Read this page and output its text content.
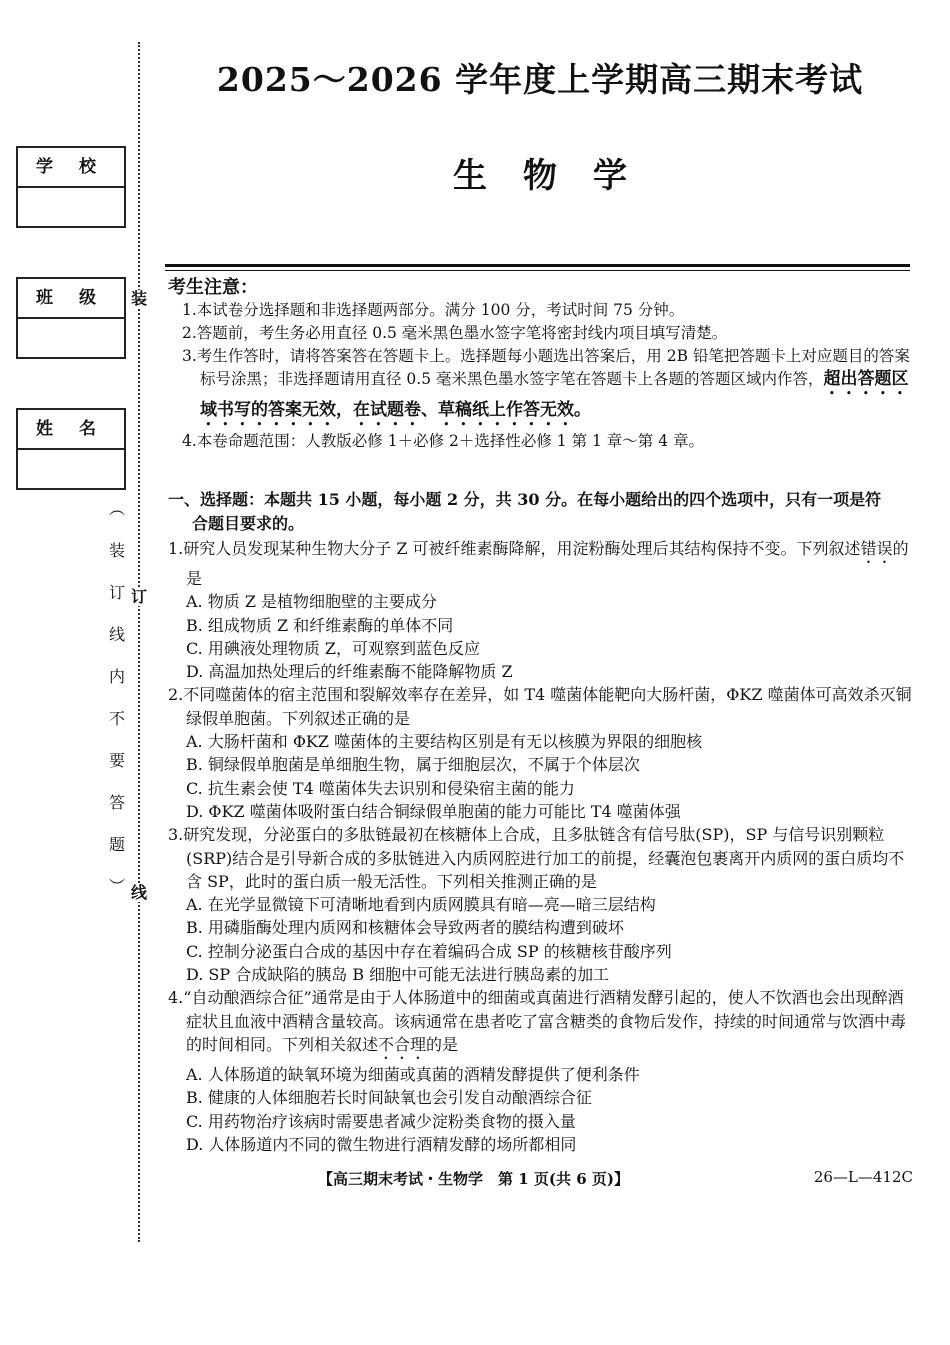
装
订
线
学 校
班 级
姓 名
︵
装
订
线
内
不
要
答
题
︶
2025～2026 学年度上学期高三期末考试
生物学
考生注意：
1.本试卷分选择题和非选择题两部分。满分 100 分，考试时间 75 分钟。
2.答题前，考生务必用直径 0.5 毫米黑色墨水签字笔将密封线内项目填写清楚。
3.考生作答时，请将答案答在答题卡上。选择题每小题选出答案后，用 2B 铅笔把答题卡上对应题目的答案标号涂黑；非选择题请用直径 0.5 毫米黑色墨水签字笔在答题卡上各题的答题区域内作答，超出答题区域书写的答案无效，在试题卷、草稿纸上作答无效。
4.本卷命题范围：人教版必修 1＋必修 2＋选择性必修 1 第 1 章～第 4 章。
一、选择题：本题共 15 小题，每小题 2 分，共 30 分。在每小题给出的四个选项中，只有一项是符
合题目要求的。
1.研究人员发现某种生物大分子 Z 可被纤维素酶降解，用淀粉酶处理后其结构保持不变。下列叙述错误的是
A. 物质 Z 是植物细胞壁的主要成分
B. 组成物质 Z 和纤维素酶的单体不同
C. 用碘液处理物质 Z，可观察到蓝色反应
D. 高温加热处理后的纤维素酶不能降解物质 Z
2.不同噬菌体的宿主范围和裂解效率存在差异，如 T4 噬菌体能靶向大肠杆菌，ΦKZ 噬菌体可高效杀灭铜绿假单胞菌。下列叙述正确的是
A. 大肠杆菌和 ΦKZ 噬菌体的主要结构区别是有无以核膜为界限的细胞核
B. 铜绿假单胞菌是单细胞生物，属于细胞层次，不属于个体层次
C. 抗生素会使 T4 噬菌体失去识别和侵染宿主菌的能力
D. ΦKZ 噬菌体吸附蛋白结合铜绿假单胞菌的能力可能比 T4 噬菌体强
3.研究发现，分泌蛋白的多肽链最初在核糖体上合成，且多肽链含有信号肽(SP)，SP 与信号识别颗粒(SRP)结合是引导新合成的多肽链进入内质网腔进行加工的前提，经囊泡包裹离开内质网的蛋白质均不含 SP，此时的蛋白质一般无活性。下列相关推测正确的是
A. 在光学显微镜下可清晰地看到内质网膜具有暗—亮—暗三层结构
B. 用磷脂酶处理内质网和核糖体会导致两者的膜结构遭到破坏
C. 控制分泌蛋白合成的基因中存在着编码合成 SP 的核糖核苷酸序列
D. SP 合成缺陷的胰岛 B 细胞中可能无法进行胰岛素的加工
4.“自动酿酒综合征”通常是由于人体肠道中的细菌或真菌进行酒精发酵引起的，使人不饮酒也会出现醉酒症状且血液中酒精含量较高。该病通常在患者吃了富含糖类的食物后发作，持续的时间通常与饮酒中毒的时间相同。下列相关叙述不合理的是
A. 人体肠道的缺氧环境为细菌或真菌的酒精发酵提供了便利条件
B. 健康的人体细胞若长时间缺氧也会引发自动酿酒综合征
C. 用药物治疗该病时需要患者减少淀粉类食物的摄入量
D. 人体肠道内不同的微生物进行酒精发酵的场所都相同
【高三期末考试・生物学　第 1 页(共 6 页)】	26—L—412C
